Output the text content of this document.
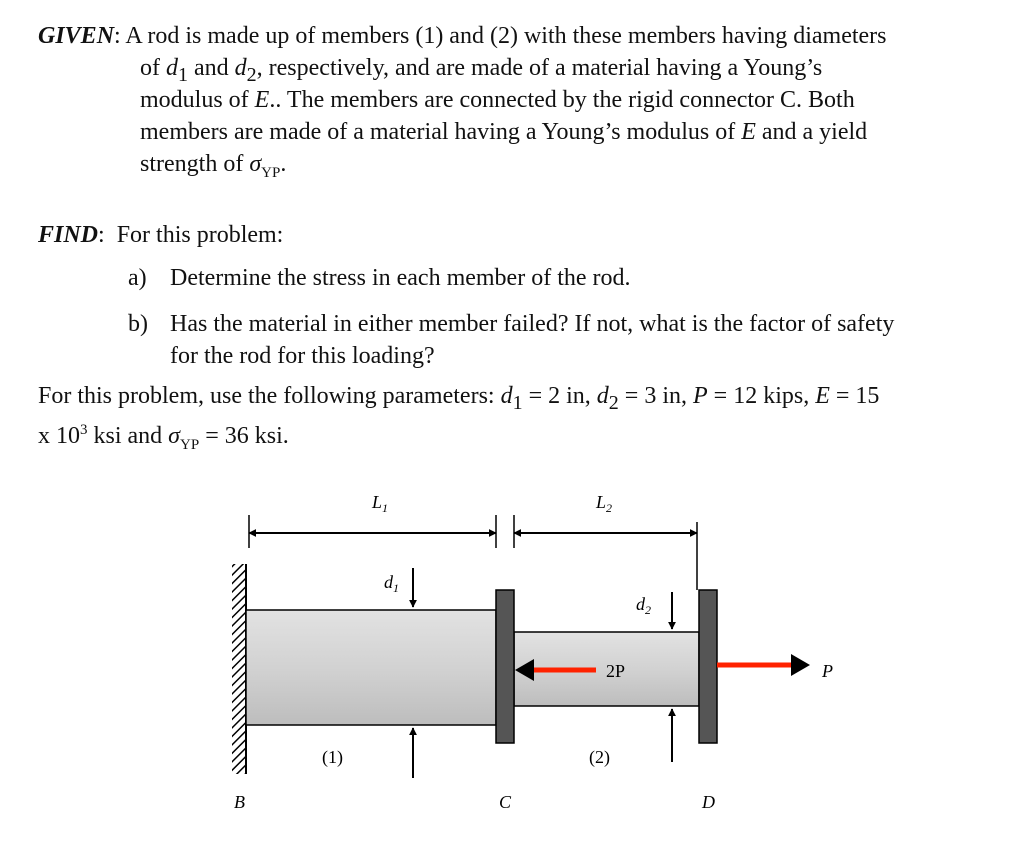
GIVEN: A rod is made up of members (1) and (2) with these members having diameters

of $d_1$ and $d_2$, respectively, and are made of a material having a Young’s

modulus of E.. The members are connected by the rigid connector C. Both

members are made of a material having a Young’s modulus of E and a yield

strength of $\sigma_{YP}$.

FIND:  For this problem:

a) Determine the stress in each member of the rod.

b) Has the material in either member failed? If not, what is the factor of safety

for the rod for this loading?

For this problem, use the following parameters: $d_1 = 2$ in, $d_2 = 3$ in, P = 12 kips, E = 15

x $10^3$ ksi and $\sigma_{YP} = 36$ ksi.

$L_1$	$L_2$
$d_1$
$d_2$
2P	P
(1)	(2)
B	C	D
